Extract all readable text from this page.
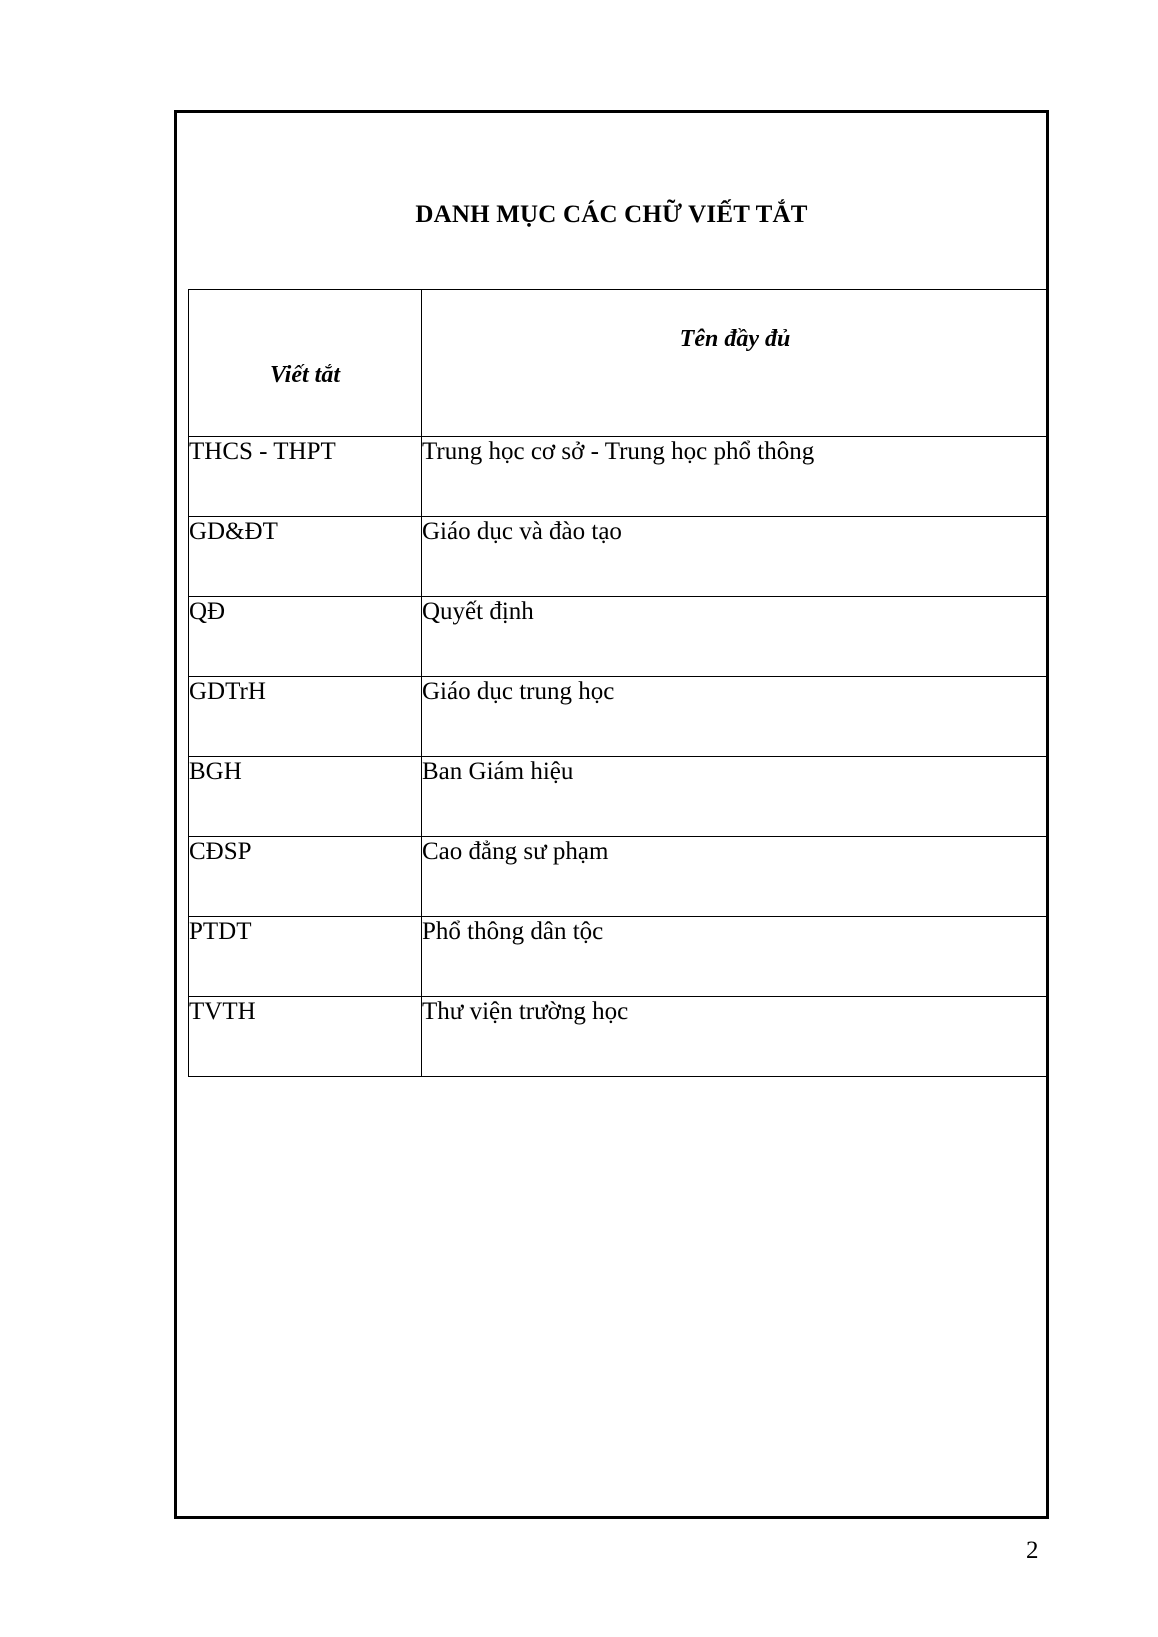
DANH MỤC CÁC CHỮ VIẾT TẮT
Viết tắt	Tên đầy đủ

THCS - THPT	Trung học cơ sở - Trung học phổ thông
GD&ĐT	Giáo dục và đào tạo
QĐ	Quyết định
GDTrH	Giáo dục trung học
BGH	Ban Giám hiệu
CĐSP	Cao đẳng sư phạm
PTDT	Phổ thông dân tộc
TVTH	Thư viện trường học
2
